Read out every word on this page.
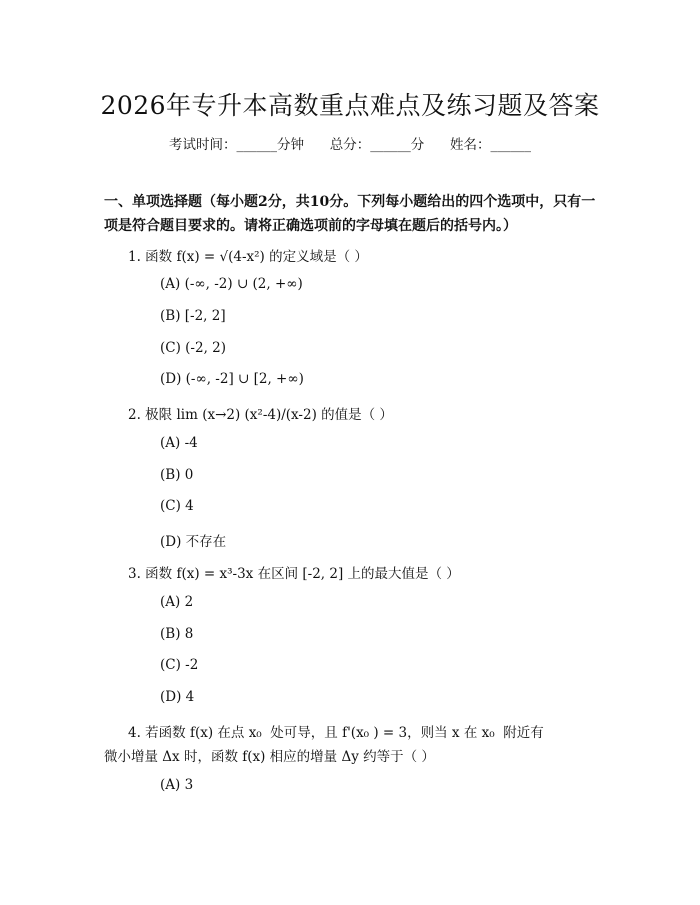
2026年专升本高数重点难点及练习题及答案
考试时间：______分钟      总分：______分      姓名：______
一、单项选择题（每小题2分，共10分。下列每小题给出的四个选项中，只有一项是符合题目要求的。请将正确选项前的字母填在题后的括号内。）
1. 函数 f(x) = √(4-x²) 的定义域是（ ）
(A) (-∞, -2) ∪ (2, +∞)
(B) [-2, 2]
(C) (-2, 2)
(D) (-∞, -2] ∪ [2, +∞)
2. 极限 lim (x→2) (x²-4)/(x-2) 的值是（ ）
(A) -4
(B) 0
(C) 4
(D) 不存在
3. 函数 f(x) = x³-3x 在区间 [-2, 2] 上的最大值是（ ）
(A) 2
(B) 8
(C) -2
(D) 4
4. 若函数 f(x) 在点 x₀  处可导，且 f'(x₀ ) = 3，则当 x 在 x₀  附近有
微小增量 Δx 时，函数 f(x) 相应的增量 Δy 约等于（ ）
(A) 3
